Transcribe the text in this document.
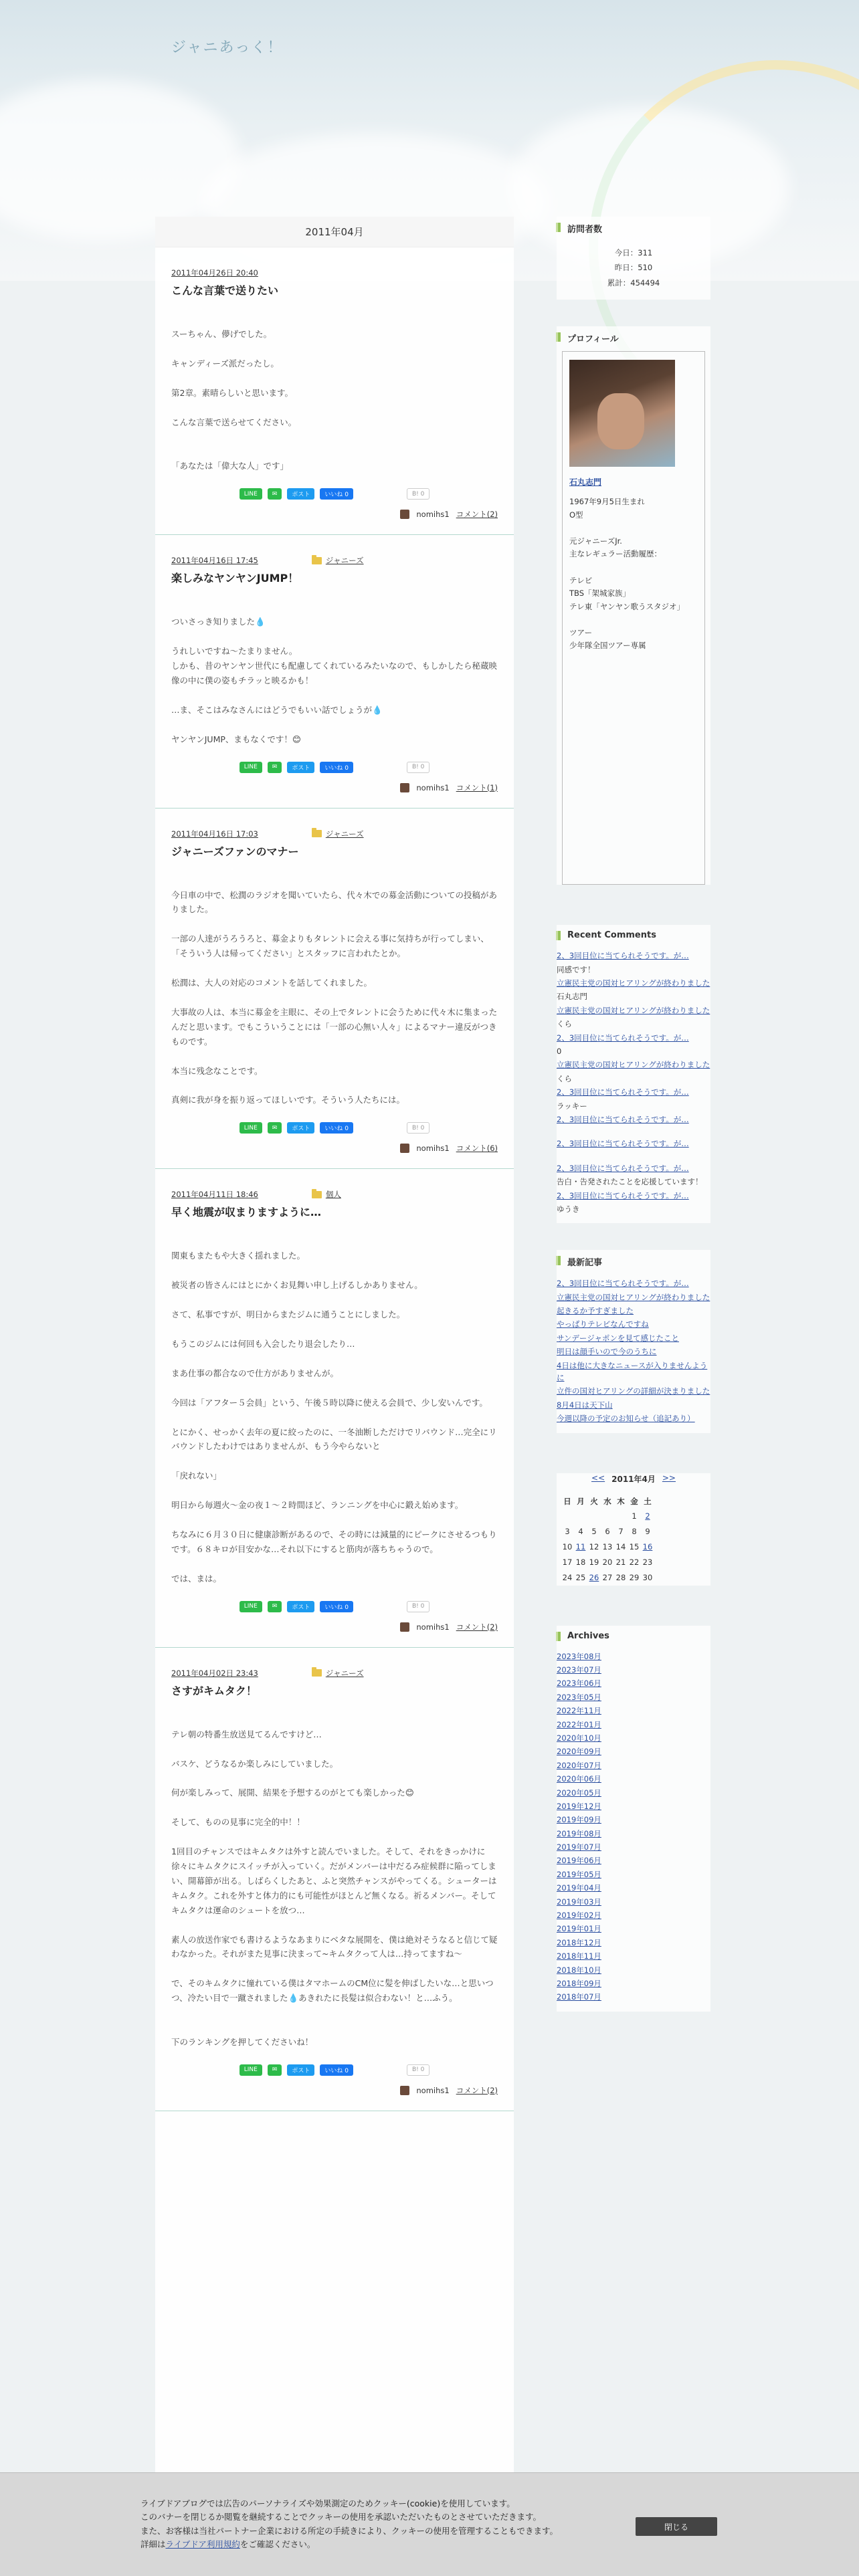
ジャニあっく！
2011年04月
2011年04月26日 20:40
こんな言葉で送りたい

スーちゃん、儚げでした。

キャンディーズ派だったし。

第2章。素晴らしいと思います。

こんな言葉で送らせてください。

「あなたは「偉大な人」です」

LINE ✉ ポスト いいね 0	B! 0
nomihs1 コメント(2)
2011年04月16日 17:45	ジャニーズ
楽しみなヤンヤンJUMP！

ついさっき知りました💧

うれしいですね〜たまりません。
しかも、昔のヤンヤン世代にも配慮してくれているみたいなので、もしかしたら秘蔵映像の中に僕の姿もチラッと映るかも！

…ま、そこはみなさんにはどうでもいい話でしょうが💧

ヤンヤンJUMP、まもなくです！😊

LINE ✉ ポスト いいね 0	B! 0
nomihs1 コメント(1)
2011年04月16日 17:03	ジャニーズ
ジャニーズファンのマナー

今日車の中で、松潤のラジオを聞いていたら、代々木での募金活動についての投稿がありました。

一部の人達がうろうろと、募金よりもタレントに会える事に気持ちが行ってしまい、「そういう人は帰ってください」とスタッフに言われたとか。

松潤は、大人の対応のコメントを話してくれました。

大事故の人は、本当に募金を主眼に、その上でタレントに会うために代々木に集まったんだと思います。でもこういうことには「一部の心無い人々」によるマナー違反がつきものです。

本当に残念なことです。

真剣に我が身を振り返ってほしいです。そういう人たちには。

LINE ✉ ポスト いいね 0	B! 0
nomihs1 コメント(6)
2011年04月11日 18:46	個人
早く地震が収まりますように…

関東もまたもや大きく揺れました。

被災者の皆さんにはとにかくお見舞い申し上げるしかありません。

さて、私事ですが、明日からまたジムに通うことにしました。

もうこのジムには何回も入会したり退会したり…

まあ仕事の都合なので仕方がありませんが。

今回は「アフター５会員」という、午後５時以降に使える会員で、少し安いんです。

とにかく、せっかく去年の夏に絞ったのに、一冬油断しただけでリバウンド…完全にリバウンドしたわけではありませんが、もう今やらないと

「戻れない」

明日から毎週火〜金の夜１〜２時間ほど、ランニングを中心に鍛え始めます。

ちなみに６月３０日に健康診断があるので、その時には減量的にピークにさせるつもりです。６８キロが目安かな…それ以下にすると筋肉が落ちちゃうので。

では、まは。

LINE ✉ ポスト いいね 0	B! 0
nomihs1 コメント(2)
2011年04月02日 23:43	ジャニーズ
さすがキムタク！

テレ朝の特番生放送見てるんですけど…

バスケ、どうなるか楽しみにしていました。

何が楽しみって、展開、結果を予想するのがとても楽しかった😊

そして、ものの見事に完全的中！！

1回目のチャンスではキムタクは外すと読んでいました。そして、それをきっかけに徐々にキムタクにスイッチが入っていく。だがメンバーは中だるみ症候群に陥ってしまい、開幕節が出る。しばらくしたあと、ふと突然チャンスがやってくる。シューターはキムタク。これを外すと体力的にも可能性がほとんど無くなる。祈るメンバー。そしてキムタクは運命のシュートを放つ…

素人の放送作家でも書けるようなあまりにベタな展開を、僕は絶対そうなると信じて疑わなかった。それがまた見事に決まって~キムタクって人は…持ってますね〜

で、そのキムタクに憧れている僕はタマホームのCM位に髪を伸ばしたいな…と思いつつ、冷たい目で一蹴されました💧あきれたに長髪は似合わない！と…ふう。

下のランキングを押してくださいね！

LINE ✉ ポスト いいね 0	B! 0
nomihs1 コメント(2)
訪問者数
今日：311
昨日：510
累計：454494
プロフィール
石丸志門
1967年9月5日生まれ
O型

元ジャニーズJr.
主なレギュラー活動履歴：

テレビ
TBS「架城家族」
テレ東「ヤンヤン歌うスタジオ」

ツアー
少年隊全国ツアー専属
Recent Comments
2、3回目位に当てられそうです。が…
同感です！
立憲民主党の国対ヒアリングが終わりました
石丸志門
立憲民主党の国対ヒアリングが終わりました
くら
2、3回目位に当てられそうです。が…
0
立憲民主党の国対ヒアリングが終わりました
くら
2、3回目位に当てられそうです。が…
ラッキー
2、3回目位に当てられそうです。が…
2、3回目位に当てられそうです。が…
2、3回目位に当てられそうです。が…
告白・告発されたことを応援しています！
2、3回目位に当てられそうです。が…
ゆうき
最新記事
2、3回目位に当てられそうです。が…
立憲民主党の国対ヒアリングが終わりました
起きるか予すぎました
やっぱりテレビなんですね
サンデージャポンを見て感じたこと
明日は顔手いので今のうちに
4日は他に大きなニュースが入りませんように
立件の国対ヒアリングの詳細が決まりました
8月4日は天下山
今週以降の予定のお知らせ（追記あり）
<< 2011年4月 >>
日	月	火	水	木	金	土
					1	2
3	4	5	6	7	8	9
10	11	12	13	14	15	16
17	18	19	20	21	22	23
24	25	26	27	28	29	30
Archives
2023年08月
2023年07月
2023年06月
2023年05月
2022年11月
2022年01月
2020年10月
2020年09月
2020年07月
2020年06月
2020年05月
2019年12月
2019年09月
2019年08月
2019年07月
2019年06月
2019年05月
2019年04月
2019年03月
2019年02月
2019年01月
2018年12月
2018年11月
2018年10月
2018年09月
2018年07月
ライブドアブログでは広告のパーソナライズや効果測定のためクッキー(cookie)を使用しています。
このバナーを閉じるか閲覧を継続することでクッキーの使用を承認いただいたものとさせていただきます。
また、お客様は当社パートナー企業における所定の手続きにより、クッキーの使用を管理することもできます。
詳細はライブドア利用規約をご確認ください。
閉じる
